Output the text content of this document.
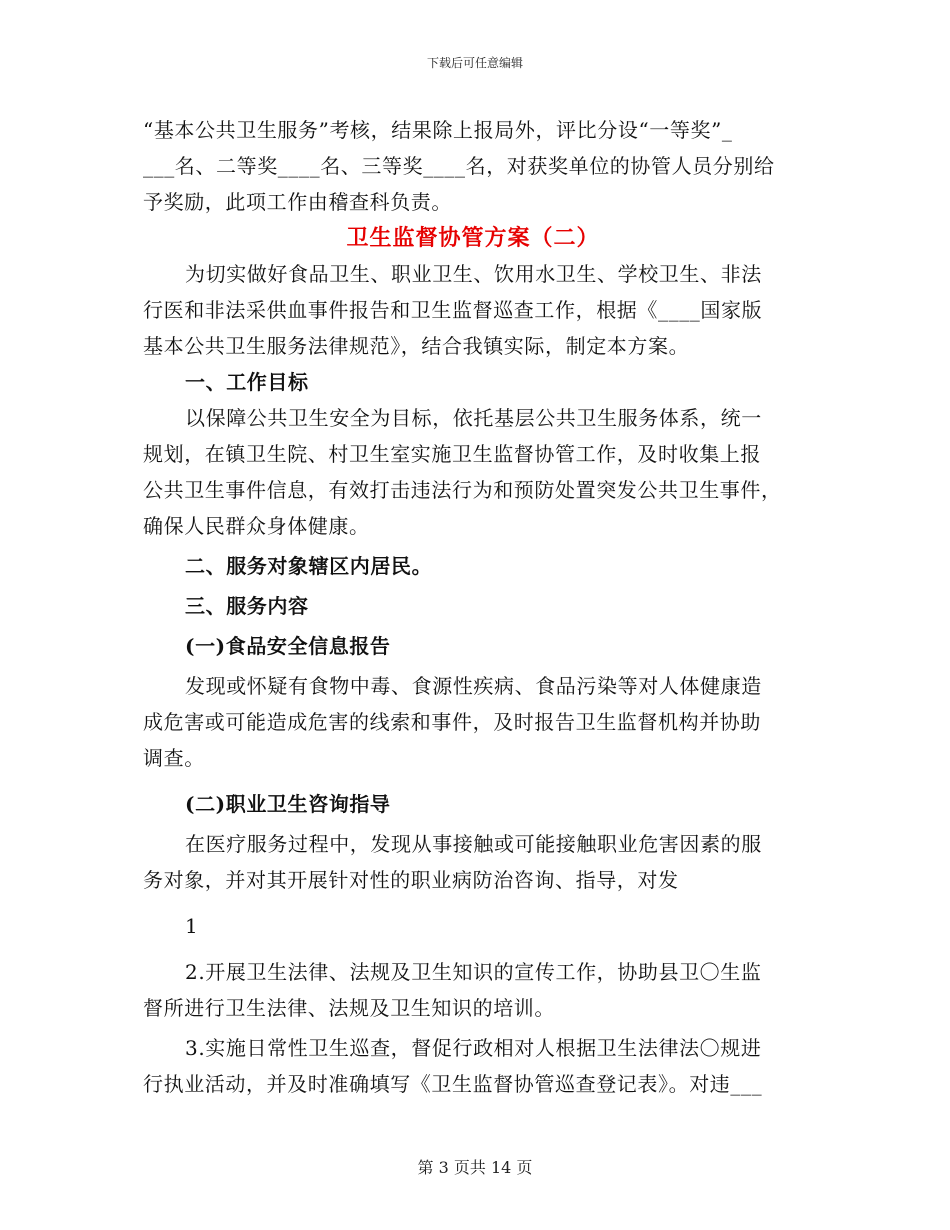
下载后可任意编辑
“基本公共卫生服务”考核，结果除上报局外，评比分设“一等奖”_
___名、二等奖____名、三等奖____名，对获奖单位的协管人员分别给
予奖励，此项工作由稽查科负责。
卫生监督协管方案（二）
为切实做好食品卫生、职业卫生、饮用水卫生、学校卫生、非法
行医和非法采供血事件报告和卫生监督巡查工作，根据《____国家版
基本公共卫生服务法律规范》，结合我镇实际，制定本方案。
一、工作目标
以保障公共卫生安全为目标，依托基层公共卫生服务体系，统一
规划，在镇卫生院、村卫生室实施卫生监督协管工作，及时收集上报
公共卫生事件信息，有效打击违法行为和预防处置突发公共卫生事件，
确保人民群众身体健康。
二、服务对象辖区内居民。
三、服务内容
(一)食品安全信息报告
发现或怀疑有食物中毒、食源性疾病、食品污染等对人体健康造
成危害或可能造成危害的线索和事件，及时报告卫生监督机构并协助
调查。
(二)职业卫生咨询指导
在医疗服务过程中，发现从事接触或可能接触职业危害因素的服
务对象，并对其开展针对性的职业病防治咨询、指导，对发
1
2.开展卫生法律、法规及卫生知识的宣传工作，协助县卫〇生监
督所进行卫生法律、法规及卫生知识的培训。
3.实施日常性卫生巡查，督促行政相对人根据卫生法律法〇规进
行执业活动，并及时准确填写《卫生监督协管巡查登记表》。对违___
第 3 页共 14 页
